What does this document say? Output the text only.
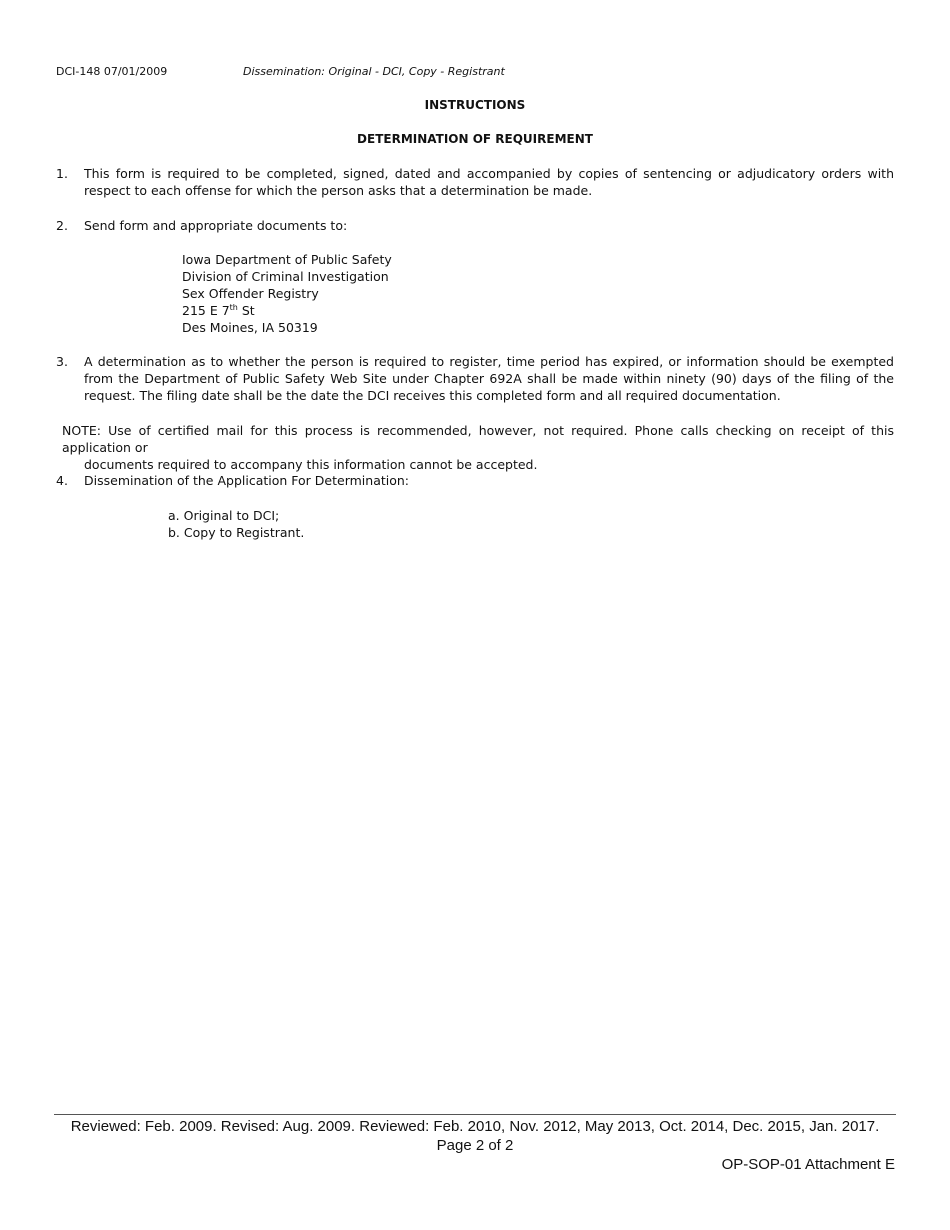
DCI-148 07/01/2009	Dissemination: Original - DCI, Copy - Registrant
INSTRUCTIONS
DETERMINATION OF REQUIREMENT
1. This form is required to be completed, signed, dated and accompanied by copies of sentencing or adjudicatory orders with respect to each offense for which the person asks that a determination be made.
2. Send form and appropriate documents to:
Iowa Department of Public Safety
Division of Criminal Investigation
Sex Offender Registry
215 E 7th St
Des Moines, IA 50319
3. A determination as to whether the person is required to register, time period has expired, or information should be exempted from the Department of Public Safety Web Site under Chapter 692A shall be made within ninety (90) days of the filing of the request. The filing date shall be the date the DCI receives this completed form and all required documentation.
NOTE: Use of certified mail for this process is recommended, however, not required. Phone calls checking on receipt of this application or
documents required to accompany this information cannot be accepted.
4. Dissemination of the Application For Determination:
a. Original to DCI;
b. Copy to Registrant.
Reviewed: Feb. 2009. Revised: Aug. 2009. Reviewed: Feb. 2010, Nov. 2012, May 2013, Oct. 2014, Dec. 2015, Jan. 2017.
Page 2 of 2
OP-SOP-01 Attachment E
